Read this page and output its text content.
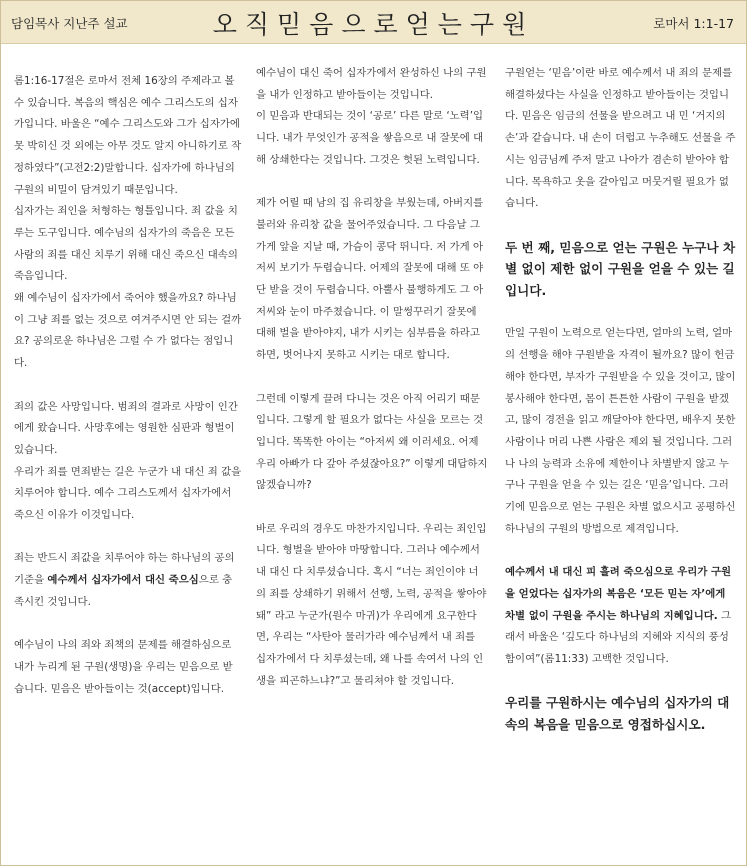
담임목사 지난주 설교	오직믿음으로얻는구원	로마서 1:1-17

롬1:16-17절은 로마서 전체 16장의 주제라고 볼 수 있습니다. 복음의 핵심은 예수 그리스도의 십자가입니다. 바울은 “예수 그리스도와 그가 십자가에 못 박히신 것 외에는 아무 것도 알지 아니하기로 작정하였다”(고전2:2)말합니다. 십자가에 하나님의 구원의 비밀이 담겨있기 때문입니다.

십자가는 죄인을 처형하는 형틀입니다. 죄 값을 치루는 도구입니다. 예수님의 십자가의 죽음은 모든 사람의 죄를 대신 치루기 위해 대신 죽으신 대속의 죽음입니다.

왜 예수님이 십자가에서 죽어야 했을까요? 하나님이 그냥 죄를 없는 것으로 여겨주시면 안 되는 걸까요? 공의로운 하나님은 그럴 수 가 없다는 점입니다.

죄의 값은 사망입니다. 범죄의 결과로 사망이 인간에게 왔습니다. 사망후에는 영원한 심판과 형벌이 있습니다.

우리가 죄를 면죄받는 길은 누군가 내 대신 죄 값을 치루어야 합니다. 예수 그리스도께서 십자가에서 죽으신 이유가 이것입니다.

죄는 반드시 죄값을 치루어야 하는 하나님의 공의 기준을 예수께서 십자가에서 대신 죽으심으로 충족시킨 것입니다.

예수님이 나의 죄와 죄책의 문제를 해결하심으로 내가 누리게 된 구원(생명)을 우리는 믿음으로 받습니다. 믿음은 받아들이는 것(accept)입니다.

예수님이 대신 죽어 십자가에서 완성하신 나의 구원을 내가 인정하고 받아들이는 것입니다.

이 믿음과 반대되는 것이 ‘공로’ 다른 말로 ‘노력’입니다. 내가 무엇인가 공적을 쌓음으로 내 잘못에 대해 상쇄한다는 것입니다. 그것은 헛된 노력입니다.

제가 어릴 때 남의 집 유리창을 부웠는데, 아버지를 불러와 유리창 값을 물어주었습니다. 그 다음날 그 가게 앞을 지날 때, 가슴이 콩닥 뛰니다. 저 가게 아저씨 보기가 두렵습니다. 어제의 잘못에 대해 또 야단 받을 것이 두렵습니다. 아뿔사 불행하게도 그 아저씨와 눈이 마주쳤습니다. 이 말썽꾸러기 잘못에 대해 벌을 받아야지, 내가 시키는 심부름을 하라고 하면, 벗어나지 못하고 시키는 대로 합니다.

그런데 이렇게 끌려 다니는 것은 아직 어리기 때문입니다. 그렇게 할 필요가 없다는 사실을 모르는 것입니다. 똑똑한 아이는 “아저씨 왜 이러세요. 어제 우리 아빠가 다 갚아 주셨잖아요?” 이렇게 대답하지 않겠습니까?

바로 우리의 경우도 마찬가지입니다. 우리는 죄인입니다. 형벌을 받아야 마땅합니다. 그러나 예수께서 내 대신 다 치루셨습니다. 혹시 “너는 죄인이야 너의 죄를 상쇄하기 위해서 선행, 노력, 공적을 쌓아야 돼” 라고 누군가(원수 마귀)가 우리에게 요구한다면, 우리는 “사탄아 물러가라 예수님께서 내 죄를 십자가에서 다 치루셨는데, 왜 나를 속여서 나의 인생을 피곤하느냐?”고 물리쳐야 할 것입니다.

구원얻는 ‘믿음’이란 바로 예수께서 내 죄의 문제를 해결하셨다는 사실을 인정하고 받아들이는 것입니다. 믿음은 임금의 선물을 받으려고 내 민 ‘거지의 손’과 같습니다. 내 손이 더럽고 누추해도 선물을 주시는 임금님께 주저 말고 나아가 겸손히 받아야 합니다. 목욕하고 옷을 갈아입고 머뭇거릴 필요가 없습니다.

두 번 째, 믿음으로 얻는 구원은 누구나 차별 없이 제한 없이 구원을 얻을 수 있는 길입니다.

만일 구원이 노력으로 얻는다면, 얼마의 노력, 얼마의 선행을 해야 구원받을 자격이 될까요? 많이 헌금해야 한다면, 부자가 구원받을 수 있을 것이고, 많이 봉사해야 한다면, 몸이 튼튼한 사람이 구원을 받겠고, 많이 경전을 읽고 깨달아야 한다면, 배우지 못한 사람이나 머리 나쁜 사람은 제외 될 것입니다. 그러나 나의 능력과 소유에 제한이나 차별받지 않고 누구나 구원을 얻을 수 있는 길은 ‘믿음’입니다. 그러기에 믿음으로 얻는 구원은 차별 없으시고 공평하신 하나님의 구원의 방법으로 제격입니다.

예수께서 내 대신 피 흘려 죽으심으로 우리가 구원을 얻었다는 십자가의 복음은 ‘모든 믿는 자’에게 차별 없이 구원을 주시는 하나님의 지혜입니다. 그래서 바울은 ‘깊도다 하나님의 지혜와 지식의 풍성함이여”(롬11:33) 고백한 것입니다.

우리를 구원하시는 예수님의 십자가의 대속의 복음을 믿음으로 영접하십시오.
